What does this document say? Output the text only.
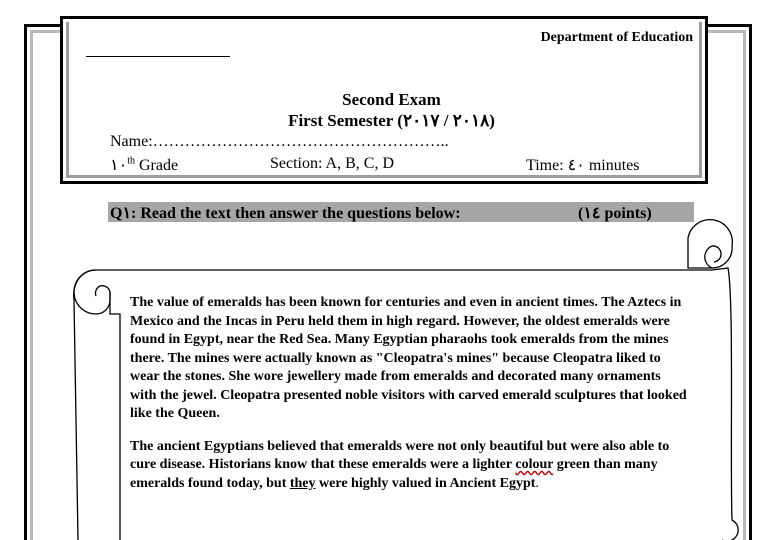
Department of Education
Second Exam
First Semester (٢٠١٨ / ٢٠١٧)
Name:………………………………………………..
١٠th Grade	Section: A, B, C, D	Time: ٤٠ minutes
Q١: Read the text then answer the questions below:	(١٤ points)

The value of emeralds has been known for centuries and even in ancient times. The Aztecs in Mexico and the Incas in Peru held them in high regard. However, the oldest emeralds were found in Egypt, near the Red Sea. Many Egyptian pharaohs took emeralds from the mines there. The mines were actually known as "Cleopatra's mines" because Cleopatra liked to wear the stones. She wore jewellery made from emeralds and decorated many ornaments with the jewel. Cleopatra presented noble visitors with carved emerald sculptures that looked like the Queen.

The ancient Egyptians believed that emeralds were not only beautiful but were also able to cure disease. Historians know that these emeralds were a lighter colour green than many emeralds found today, but they were highly valued in Ancient Egypt.
